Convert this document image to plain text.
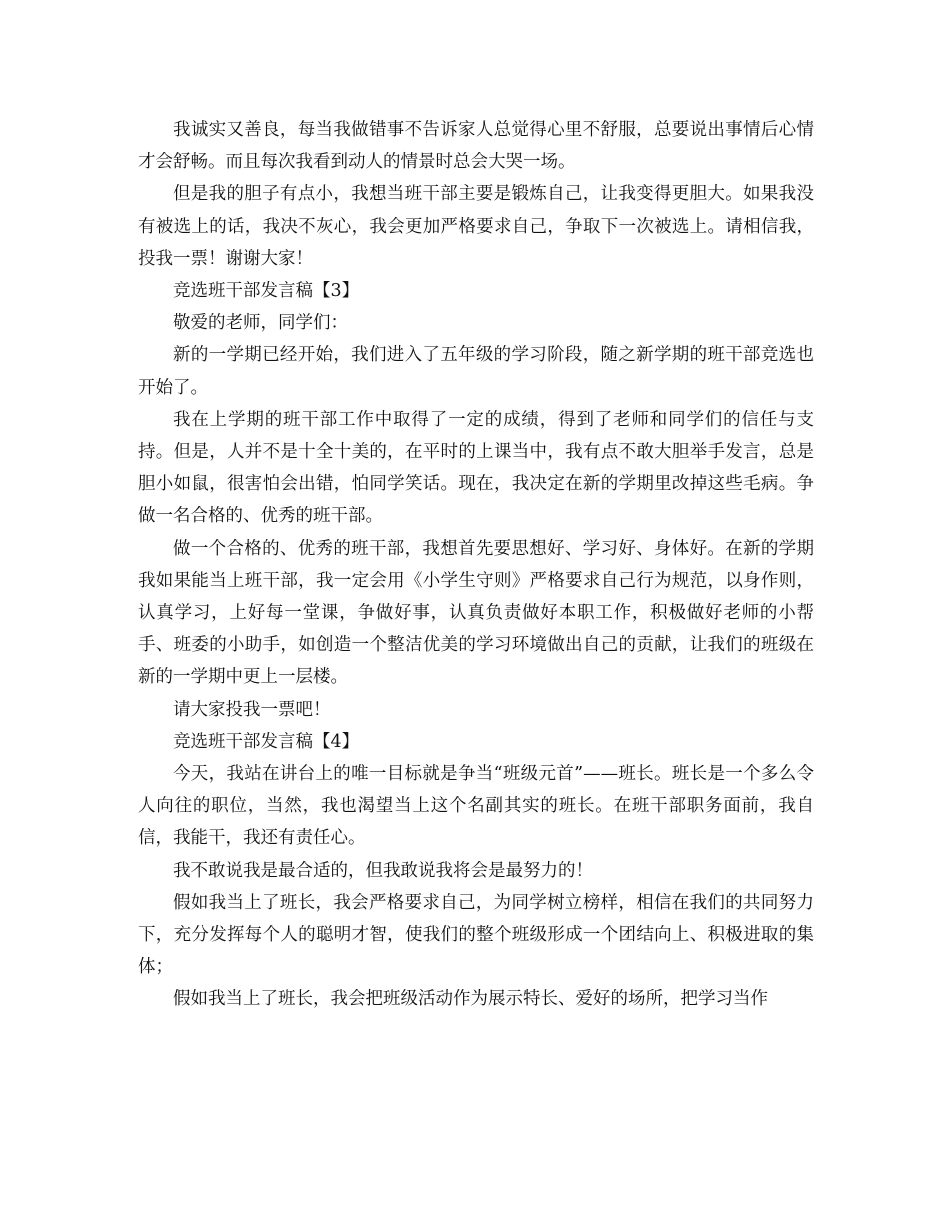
我诚实又善良，每当我做错事不告诉家人总觉得心里不舒服，总要说出事情后心情才会舒畅。而且每次我看到动人的情景时总会大哭一场。

但是我的胆子有点小，我想当班干部主要是锻炼自己，让我变得更胆大。如果我没有被选上的话，我决不灰心，我会更加严格要求自己，争取下一次被选上。请相信我，投我一票！谢谢大家！

竞选班干部发言稿【3】

敬爱的老师，同学们：

新的一学期已经开始，我们进入了五年级的学习阶段，随之新学期的班干部竞选也开始了。

我在上学期的班干部工作中取得了一定的成绩，得到了老师和同学们的信任与支持。但是，人并不是十全十美的，在平时的上课当中，我有点不敢大胆举手发言，总是胆小如鼠，很害怕会出错，怕同学笑话。现在，我决定在新的学期里改掉这些毛病。争做一名合格的、优秀的班干部。

做一个合格的、优秀的班干部，我想首先要思想好、学习好、身体好。在新的学期我如果能当上班干部，我一定会用《小学生守则》严格要求自己行为规范，以身作则，认真学习，上好每一堂课，争做好事，认真负责做好本职工作，积极做好老师的小帮手、班委的小助手，如创造一个整洁优美的学习环境做出自己的贡献，让我们的班级在新的一学期中更上一层楼。

请大家投我一票吧！

竞选班干部发言稿【4】

今天，我站在讲台上的唯一目标就是争当“班级元首”——班长。班长是一个多么令人向往的职位，当然，我也渴望当上这个名副其实的班长。在班干部职务面前，我自信，我能干，我还有责任心。

我不敢说我是最合适的，但我敢说我将会是最努力的！

假如我当上了班长，我会严格要求自己，为同学树立榜样，相信在我们的共同努力下，充分发挥每个人的聪明才智，使我们的整个班级形成一个团结向上、积极进取的集体；

假如我当上了班长，我会把班级活动作为展示特长、爱好的场所，把学习当作
